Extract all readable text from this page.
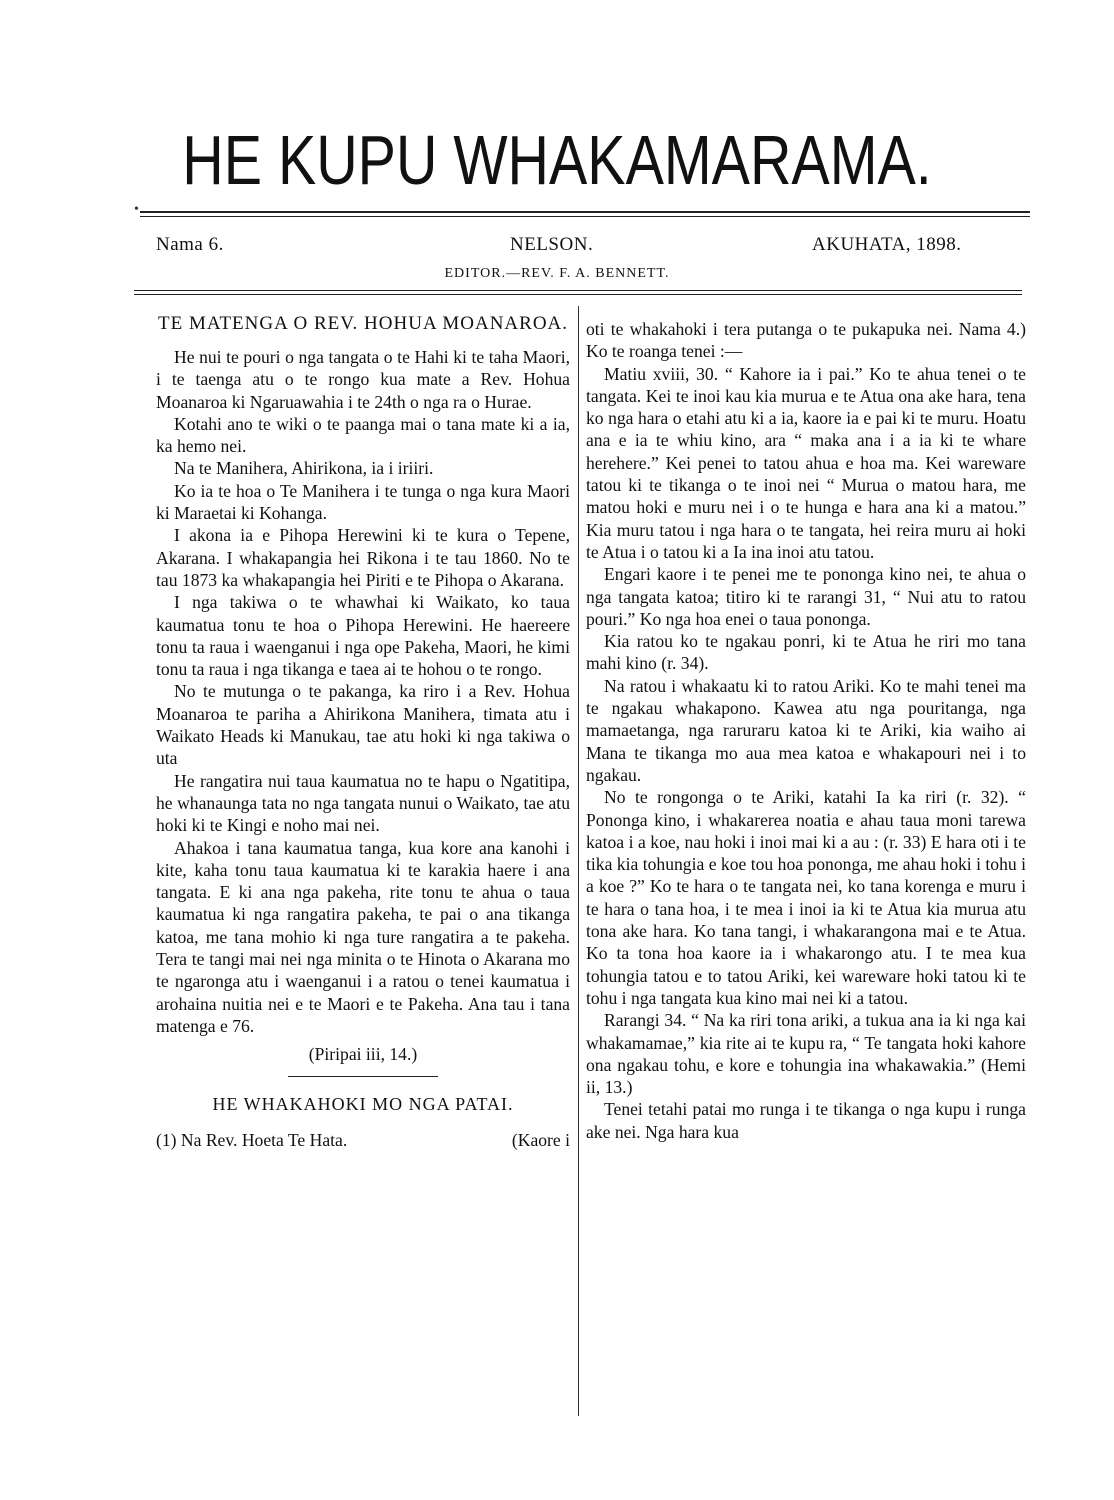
HE KUPU WHAKAMARAMA.
•
Nama 6.	NELSON.	AKUHATA, 1898.
EDITOR.—REV. F. A. BENNETT.
TE MATENGA O REV. HOHUA MOANAROA.

He nui te pouri o nga tangata o te Hahi ki te taha Maori, i te taenga atu o te rongo kua mate a Rev. Hohua Moanaroa ki Ngaruawahia i te 24th o nga ra o Hurae.

Kotahi ano te wiki o te paanga mai o tana mate ki a ia, ka hemo nei.

Na te Manihera, Ahirikona, ia i iriiri.

Ko ia te hoa o Te Manihera i te tunga o nga kura Maori ki Maraetai ki Kohanga.

I akona ia e Pihopa Herewini ki te kura o Tepene, Akarana. I whakapangia hei Rikona i te tau 1860. No te tau 1873 ka whakapangia hei Piriti e te Pihopa o Akarana.

I nga takiwa o te whawhai ki Waikato, ko taua kaumatua tonu te hoa o Pihopa Herewini. He haereere tonu ta raua i waenganui i nga ope Pakeha, Maori, he kimi tonu ta raua i nga tikanga e taea ai te hohou o te rongo.

No te mutunga o te pakanga, ka riro i a Rev. Hohua Moanaroa te pariha a Ahirikona Manihera, timata atu i Waikato Heads ki Manukau, tae atu hoki ki nga takiwa o uta

He rangatira nui taua kaumatua no te hapu o Ngatitipa, he whanaunga tata no nga tangata nunui o Waikato, tae atu hoki ki te Kingi e noho mai nei.

Ahakoa i tana kaumatua tanga, kua kore ana kanohi i kite, kaha tonu taua kaumatua ki te karakia haere i ana tangata. E ki ana nga pakeha, rite tonu te ahua o taua kaumatua ki nga rangatira pakeha, te pai o ana tikanga katoa, me tana mohio ki nga ture rangatira a te pakeha. Tera te tangi mai nei nga minita o te Hinota o Akarana mo te ngaronga atu i waenganui i a ratou o tenei kaumatua i arohaina nuitia nei e te Maori e te Pakeha. Ana tau i tana matenga e 76.

(Piripai iii, 14.)
HE WHAKAHOKI MO NGA PATAI.
(1) Na Rev. Hoeta Te Hata.	(Kaore i

oti te whakahoki i tera putanga o te pukapuka nei. Nama 4.) Ko te roanga tenei :—

Matiu xviii, 30. “ Kahore ia i pai.” Ko te ahua tenei o te tangata. Kei te inoi kau kia murua e te Atua ona ake hara, tena ko nga hara o etahi atu ki a ia, kaore ia e pai ki te muru. Hoatu ana e ia te whiu kino, ara “ maka ana i a ia ki te whare herehere.” Kei penei to tatou ahua e hoa ma. Kei wareware tatou ki te tikanga o te inoi nei “ Murua o matou hara, me matou hoki e muru nei i o te hunga e hara ana ki a matou.” Kia muru tatou i nga hara o te tangata, hei reira muru ai hoki te Atua i o tatou ki a Ia ina inoi atu tatou.

Engari kaore i te penei me te pononga kino nei, te ahua o nga tangata katoa; titiro ki te rarangi 31, “ Nui atu to ratou pouri.” Ko nga hoa enei o taua pononga.

Kia ratou ko te ngakau ponri, ki te Atua he riri mo tana mahi kino (r. 34).

Na ratou i whakaatu ki to ratou Ariki. Ko te mahi tenei ma te ngakau whakapono. Kawea atu nga pouritanga, nga mamaetanga, nga raruraru katoa ki te Ariki, kia waiho ai Mana te tikanga mo aua mea katoa e whakapouri nei i to ngakau.

No te rongonga o te Ariki, katahi Ia ka riri (r. 32). “ Pononga kino, i whakarerea noatia e ahau taua moni tarewa katoa i a koe, nau hoki i inoi mai ki a au : (r. 33) E hara oti i te tika kia tohungia e koe tou hoa pononga, me ahau hoki i tohu i a koe ?” Ko te hara o te tangata nei, ko tana korenga e muru i te hara o tana hoa, i te mea i inoi ia ki te Atua kia murua atu tona ake hara. Ko tana tangi, i whakarangona mai e te Atua. Ko ta tona hoa kaore ia i whakarongo atu. I te mea kua tohungia tatou e to tatou Ariki, kei wareware hoki tatou ki te tohu i nga tangata kua kino mai nei ki a tatou.

Rarangi 34. “ Na ka riri tona ariki, a tukua ana ia ki nga kai whakamamae,” kia rite ai te kupu ra, “ Te tangata hoki kahore ona ngakau tohu, e kore e tohungia ina whakawakia.” (Hemi ii, 13.)

Tenei tetahi patai mo runga i te tikanga o nga kupu i runga ake nei. Nga hara kua
